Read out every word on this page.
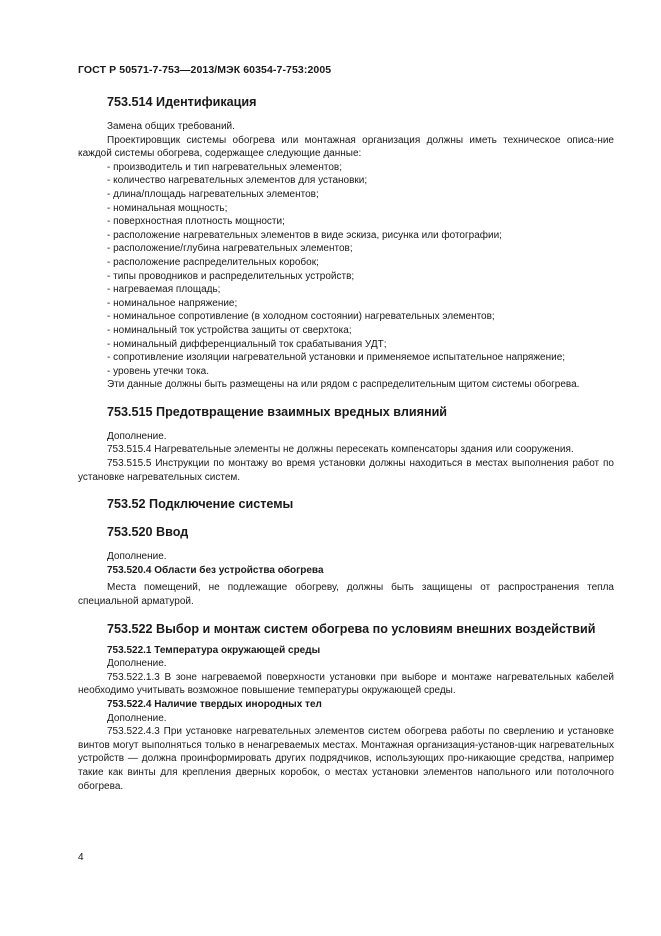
ГОСТ Р 50571-7-753—2013/МЭК 60354-7-753:2005

753.514 Идентификация

Замена общих требований.

Проектировщик системы обогрева или монтажная организация должны иметь техническое описа-ние каждой системы обогрева, содержащее следующие данные:

- производитель и тип нагревательных элементов;
- количество нагревательных элементов для установки;
- длина/площадь нагревательных элементов;
- номинальная мощность;
- поверхностная плотность мощности;
- расположение нагревательных элементов в виде эскиза, рисунка или фотографии;
- расположение/глубина нагревательных элементов;
- расположение распределительных коробок;
- типы проводников и распределительных устройств;
- нагреваемая площадь;
- номинальное напряжение;
- номинальное сопротивление (в холодном состоянии) нагревательных элементов;
- номинальный ток устройства защиты от сверхтока;
- номинальный дифференциальный ток срабатывания УДТ;
- сопротивление изоляции нагревательной установки и применяемое испытательное напряжение;
- уровень утечки тока.

Эти данные должны быть размещены на или рядом с распределительным щитом системы обогрева.

753.515 Предотвращение взаимных вредных влияний

Дополнение.

753.515.4 Нагревательные элементы не должны пересекать компенсаторы здания или сооружения.

753.515.5 Инструкции по монтажу во время установки должны находиться в местах выполнения работ по установке нагревательных систем.

753.52 Подключение системы

753.520 Ввод

Дополнение.

753.520.4 Области без устройства обогрева

Места помещений, не подлежащие обогреву, должны быть защищены от распространения тепла специальной арматурой.

753.522 Выбор и монтаж систем обогрева по условиям внешних воздействий

753.522.1 Температура окружающей среды

Дополнение.

753.522.1.3 В зоне нагреваемой поверхности установки при выборе и монтаже нагревательных кабелей необходимо учитывать возможное повышение температуры окружающей среды.

753.522.4 Наличие твердых инородных тел

Дополнение.

753.522.4.3 При установке нагревательных элементов систем обогрева работы по сверлению и установке винтов могут выполняться только в ненагреваемых местах. Монтажная организация-установ-щик нагревательных устройств — должна проинформировать других подрядчиков, использующих про-никающие средства, например такие как винты для крепления дверных коробок, о местах установки элементов напольного или потолочного обогрева.

4
